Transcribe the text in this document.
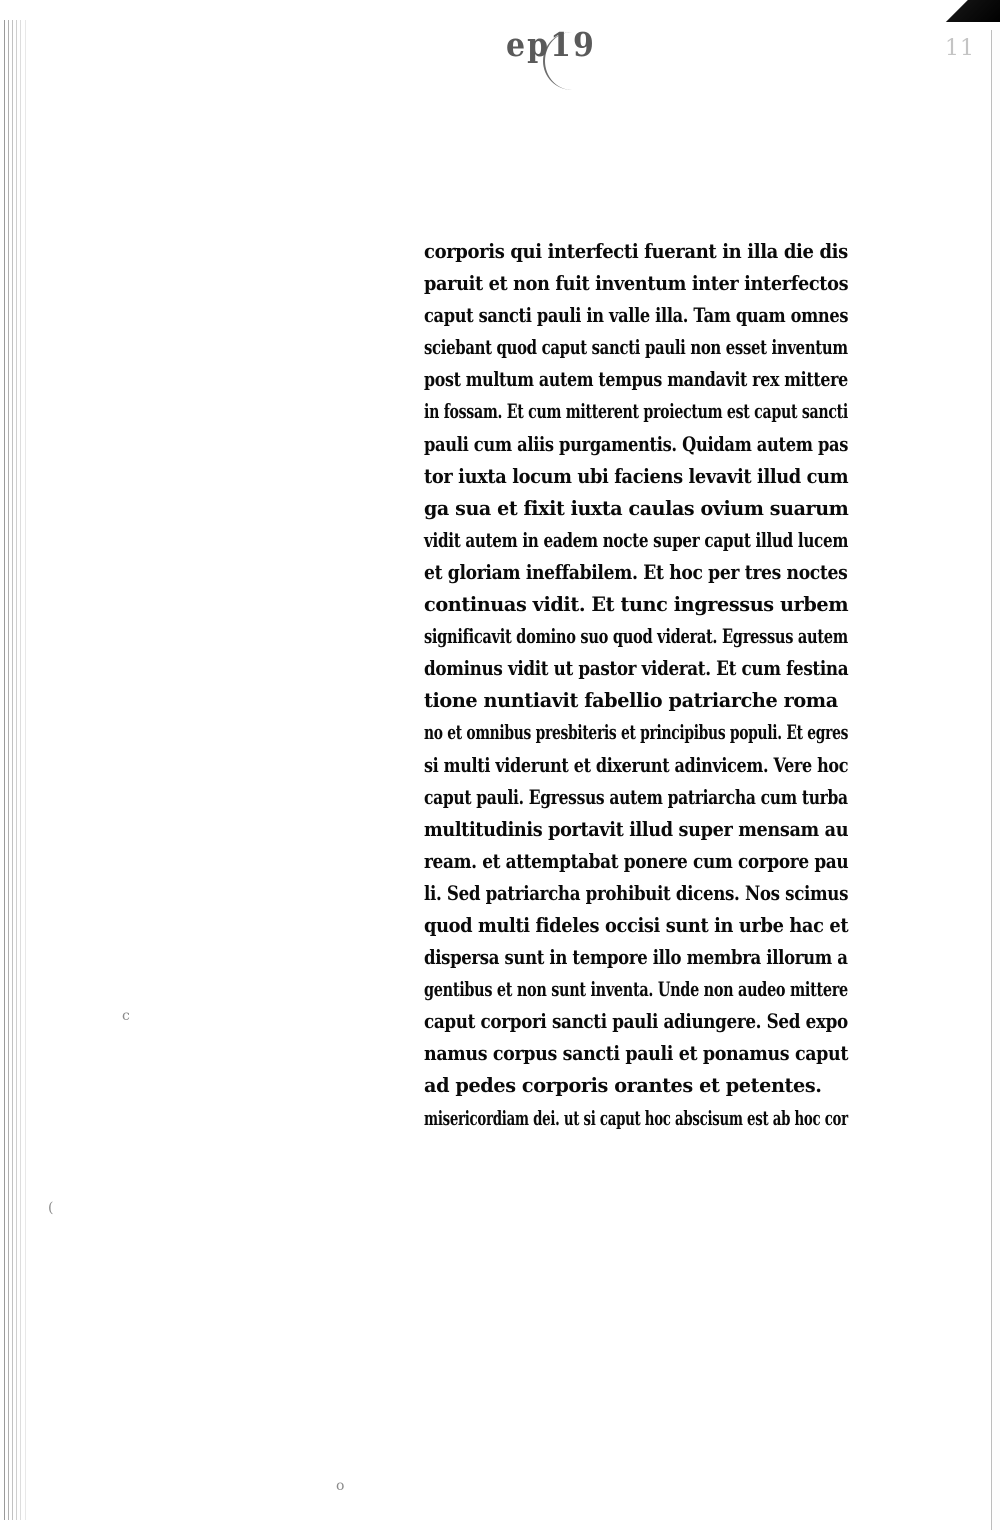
ep19	11
corporis qui interfecti fuerant in illa die dis
paruit et non fuit inventum inter interfectos
caput sancti pauli in valle illa. Tam quam omnes
sciebant quod caput sancti pauli non esset inventum
post multum autem tempus mandavit rex mittere
in fossam. Et cum mitterent proiectum est caput sancti
pauli cum aliis purgamentis. Quidam autem pas
tor iuxta locum ubi faciens levavit illud cum
ga sua et fixit iuxta caulas ovium suarum
vidit autem in eadem nocte super caput illud lucem
et gloriam ineffabilem. Et hoc per tres noctes
continuas vidit. Et tunc ingressus urbem
significavit domino suo quod viderat. Egressus autem
dominus vidit ut pastor viderat. Et cum festina
tione nuntiavit fabellio patriarche roma
no et omnibus presbiteris et principibus populi. Et egres
si multi viderunt et dixerunt adinvicem. Vere hoc
caput pauli. Egressus autem patriarcha cum turba
multitudinis portavit illud super mensam au
ream. et attemptabat ponere cum corpore pau
li. Sed patriarcha prohibuit dicens. Nos scimus
quod multi fideles occisi sunt in urbe hac et
dispersa sunt in tempore illo membra illorum a
gentibus et non sunt inventa. Unde non audeo mittere
caput corpori sancti pauli adiungere. Sed expo
namus corpus sancti pauli et ponamus caput
ad pedes corporis orantes et petentes.
misericordiam dei. ut si caput hoc abscisum est ab hoc cor
c
(
o
